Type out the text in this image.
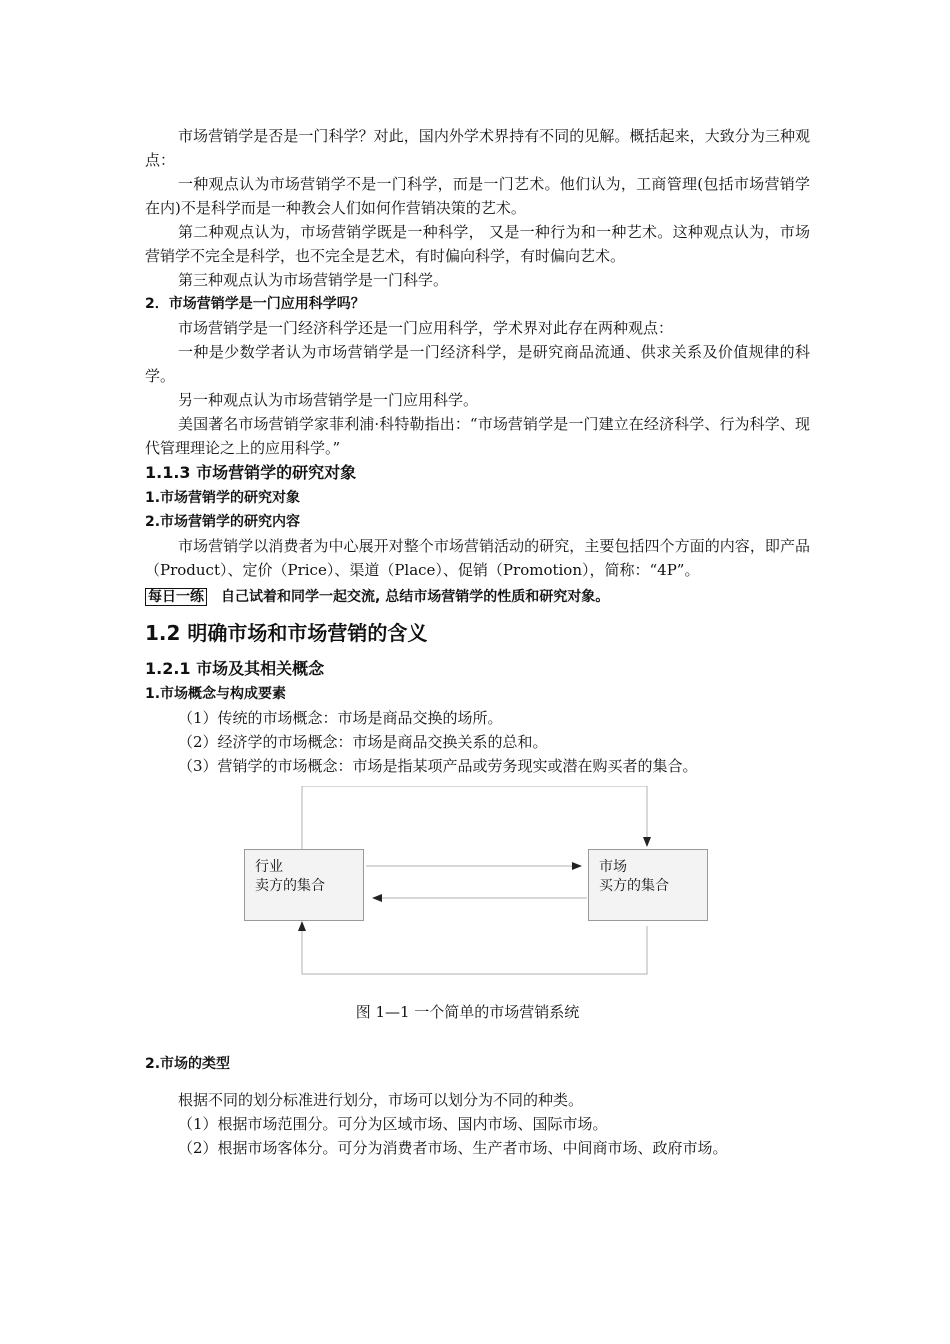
市场营销学是否是一门科学？对此，国内外学术界持有不同的见解。概括起来，大致分为三种观点：

一种观点认为市场营销学不是一门科学，而是一门艺术。他们认为，工商管理(包括市场营销学在内)不是科学而是一种教会人们如何作营销决策的艺术。

第二种观点认为，市场营销学既是一种科学， 又是一种行为和一种艺术。这种观点认为，市场营销学不完全是科学，也不完全是艺术，有时偏向科学，有时偏向艺术。

第三种观点认为市场营销学是一门科学。

2．市场营销学是一门应用科学吗？

市场营销学是一门经济科学还是一门应用科学，学术界对此存在两种观点：

一种是少数学者认为市场营销学是一门经济科学，是研究商品流通、供求关系及价值规律的科学。

另一种观点认为市场营销学是一门应用科学。

美国著名市场营销学家菲利浦·科特勒指出：“市场营销学是一门建立在经济科学、行为科学、现代管理理论之上的应用科学。”

1.1.3 市场营销学的研究对象

1.市场营销学的研究对象

2.市场营销学的研究内容

市场营销学以消费者为中心展开对整个市场营销活动的研究，主要包括四个方面的内容，即产品（Product）、定价（Price）、渠道（Place）、促销（Promotion），简称：“4P”。

每日一练 自己试着和同学一起交流, 总结市场营销学的性质和研究对象。

1.2 明确市场和市场营销的含义

1.2.1 市场及其相关概念

1.市场概念与构成要素

（1）传统的市场概念：市场是商品交换的场所。

（2）经济学的市场概念：市场是商品交换关系的总和。

（3）营销学的市场概念：市场是指某项产品或劳务现实或潜在购买者的集合。

行业
卖方的集合
市场
买方的集合

图 1—1 一个简单的市场营销系统

2.市场的类型

根据不同的划分标准进行划分，市场可以划分为不同的种类。

（1）根据市场范围分。可分为区域市场、国内市场、国际市场。

（2）根据市场客体分。可分为消费者市场、生产者市场、中间商市场、政府市场。
